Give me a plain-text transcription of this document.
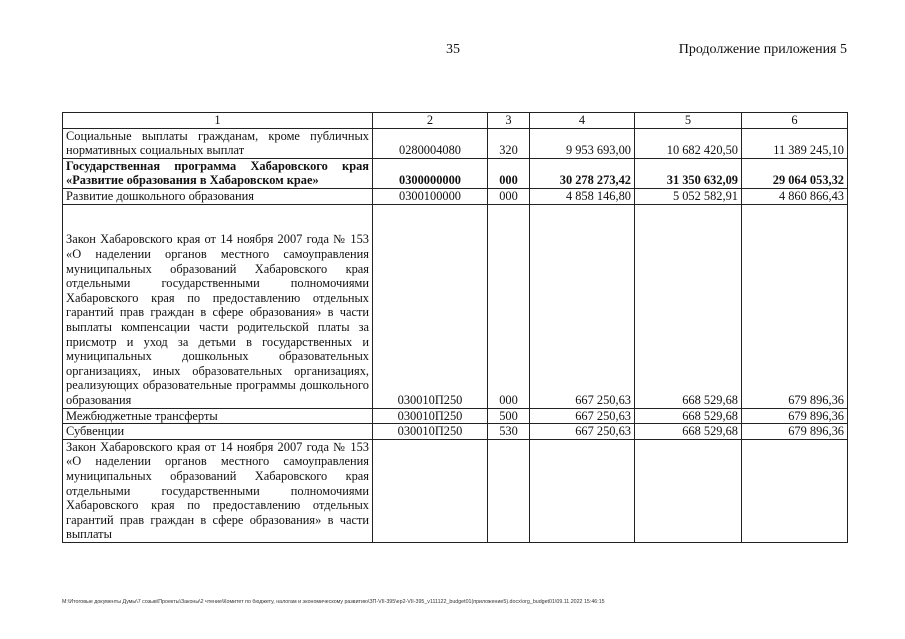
35	Продолжение приложения 5
1	2	3	4	5	6
Социальные выплаты гражданам, кроме публичных нормативных социальных выплат	0280004080	320	9 953 693,00	10 682 420,50	11 389 245,10
Государственная программа Хабаровского края «Развитие образования в Хабаровском крае»	0300000000	000	30 278 273,42	31 350 632,09	29 064 053,32
Развитие дошкольного образования	0300100000	000	4 858 146,80	5 052 582,91	4 860 866,43
Закон Хабаровского края от 14 ноября 2007 года № 153 «О наделении органов местного самоуправления муниципальных образований Хабаровского края отдельными государственными полномочиями Хабаровского края по предоставлению отдельных гарантий прав граждан в сфере образования» в части выплаты компенсации части родительской платы за присмотр и уход за детьми в государственных и муниципальных дошкольных образовательных организациях, иных образовательных организациях, реализующих образовательные программы дошкольного образования	030010П250	000	667 250,63	668 529,68	679 896,36
Межбюджетные трансферты	030010П250	500	667 250,63	668 529,68	679 896,36
Субвенции	030010П250	530	667 250,63	668 529,68	679 896,36
Закон Хабаровского края от 14 ноября 2007 года № 153 «О наделении органов местного самоуправления муниципальных образований Хабаровского края отдельными государственными полномочиями Хабаровского края по предоставлению отдельных гарантий прав граждан в сфере образования» в части выплаты					
M:\Итоговые документы Думы\7 созыв\Проекты\Законы\2 чтение\Комитет по бюджету, налогам и экономическому развитию\ЗП-VII-395\ер2-VII-395_v111122_budget01(приложение5).docx\org_budget01\09.11.2022 15:46:15
